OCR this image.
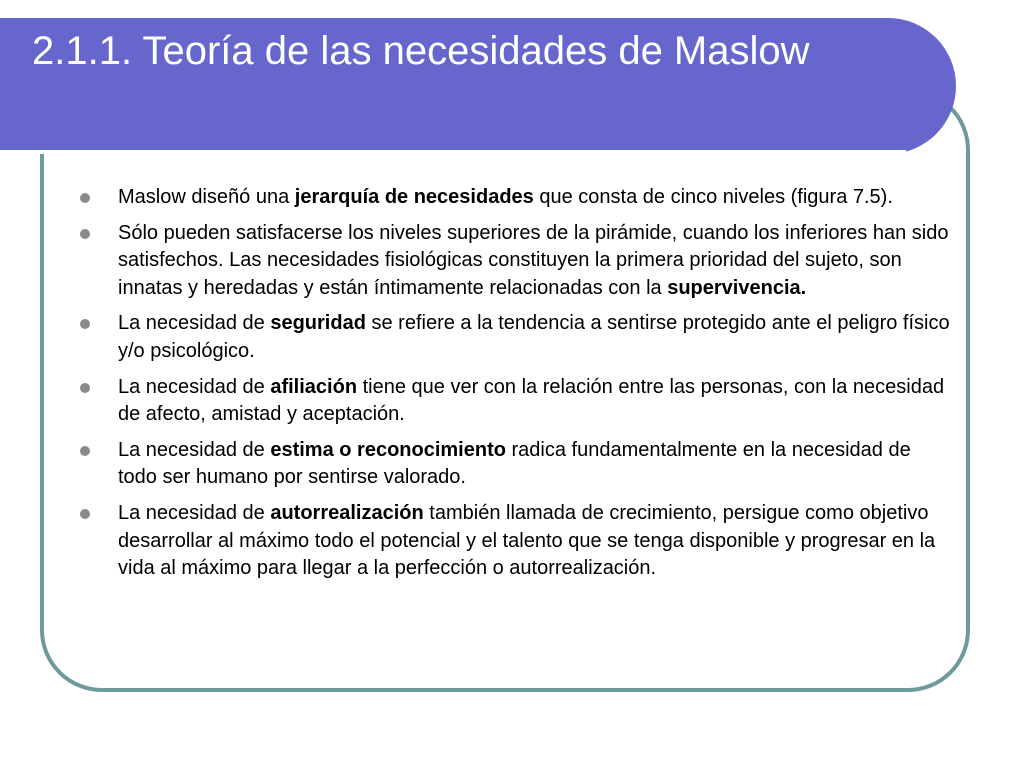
2.1.1. Teoría de las necesidades de Maslow
Maslow diseñó una jerarquía de necesidades que consta de cinco niveles (figura 7.5).
Sólo pueden satisfacerse los niveles superiores de la pirámide, cuando los inferiores han sido satisfechos. Las necesidades fisiológicas constituyen la primera prioridad del sujeto, son innatas y heredadas y están íntimamente relacionadas con la supervivencia.
La necesidad de seguridad se refiere a la tendencia a sentirse protegido ante el peligro físico y/o psicológico.
La necesidad de afiliación tiene que ver con la relación entre las personas, con la necesidad de afecto, amistad y aceptación.
La necesidad de estima o reconocimiento radica fundamentalmente en la necesidad de todo ser humano por sentirse valorado.
La necesidad de autorrealización también llamada de crecimiento, persigue como objetivo desarrollar al máximo todo el potencial y el talento que se tenga disponible y progresar en la vida al máximo para llegar a la perfección o autorrealización.
